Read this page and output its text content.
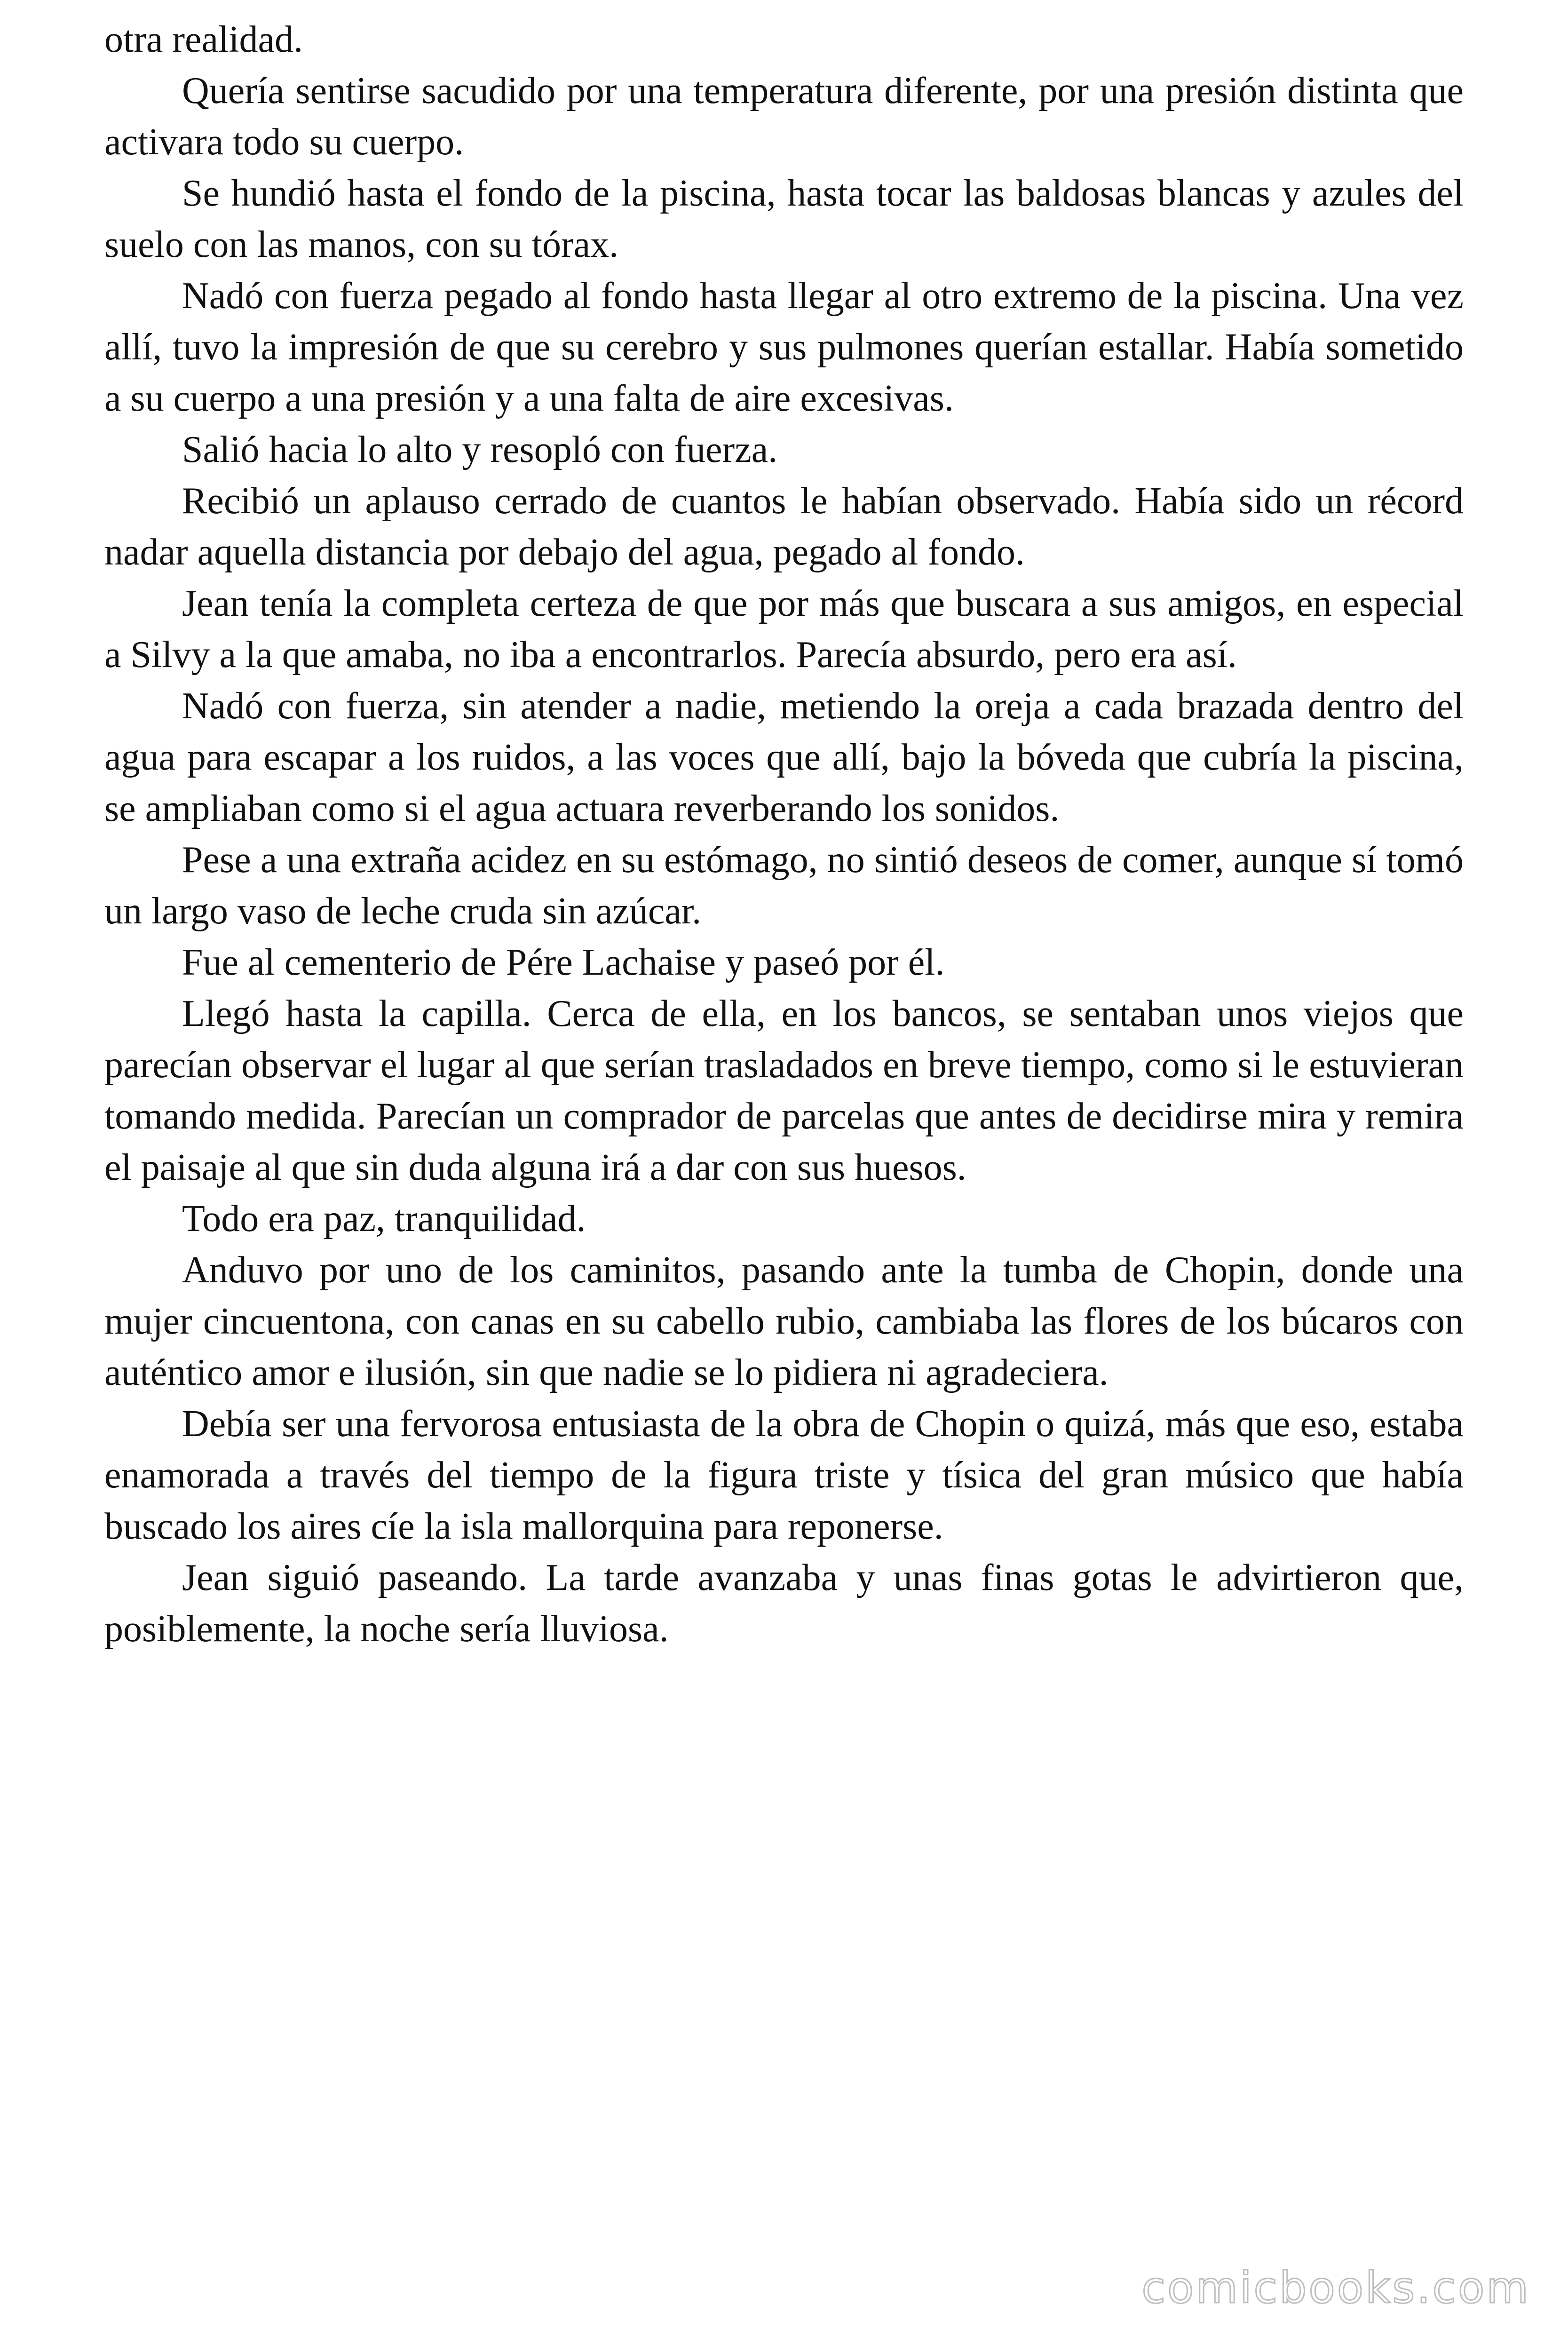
otra realidad.

Quería sentirse sacudido por una temperatura diferente, por una presión distinta que activara todo su cuerpo.

Se hundió hasta el fondo de la piscina, hasta tocar las baldosas blancas y azules del suelo con las manos, con su tórax.

Nadó con fuerza pegado al fondo hasta llegar al otro extremo de la piscina. Una vez allí, tuvo la impresión de que su cerebro y sus pulmones querían estallar. Había sometido a su cuerpo a una presión y a una falta de aire excesivas.

Salió hacia lo alto y resopló con fuerza.

Recibió un aplauso cerrado de cuantos le habían observado. Había sido un récord nadar aquella distancia por debajo del agua, pegado al fondo.

Jean tenía la completa certeza de que por más que buscara a sus amigos, en especial a Silvy a la que amaba, no iba a encontrarlos. Parecía absurdo, pero era así.

Nadó con fuerza, sin atender a nadie, metiendo la oreja a cada brazada dentro del agua para escapar a los ruidos, a las voces que allí, bajo la bóveda que cubría la piscina, se ampliaban como si el agua actuara reverberando los sonidos.

Pese a una extraña acidez en su estómago, no sintió deseos de comer, aunque sí tomó un largo vaso de leche cruda sin azúcar.

Fue al cementerio de Pére Lachaise y paseó por él.

Llegó hasta la capilla. Cerca de ella, en los bancos, se sentaban unos viejos que parecían observar el lugar al que serían trasladados en breve tiempo, como si le estuvieran tomando medida. Parecían un comprador de parcelas que antes de decidirse mira y remira el paisaje al que sin duda alguna irá a dar con sus huesos.

Todo era paz, tranquilidad.

Anduvo por uno de los caminitos, pasando ante la tumba de Chopin, donde una mujer cincuentona, con canas en su cabello rubio, cambiaba las flores de los búcaros con auténtico amor e ilusión, sin que nadie se lo pidiera ni agradeciera.

Debía ser una fervorosa entusiasta de la obra de Chopin o quizá, más que eso, estaba enamorada a través del tiempo de la figura triste y tísica del gran músico que había buscado los aires cíe la isla mallorquina para reponerse.

Jean siguió paseando. La tarde avanzaba y unas finas gotas le advirtieron que, posiblemente, la noche sería lluviosa.

comicbooks.com
